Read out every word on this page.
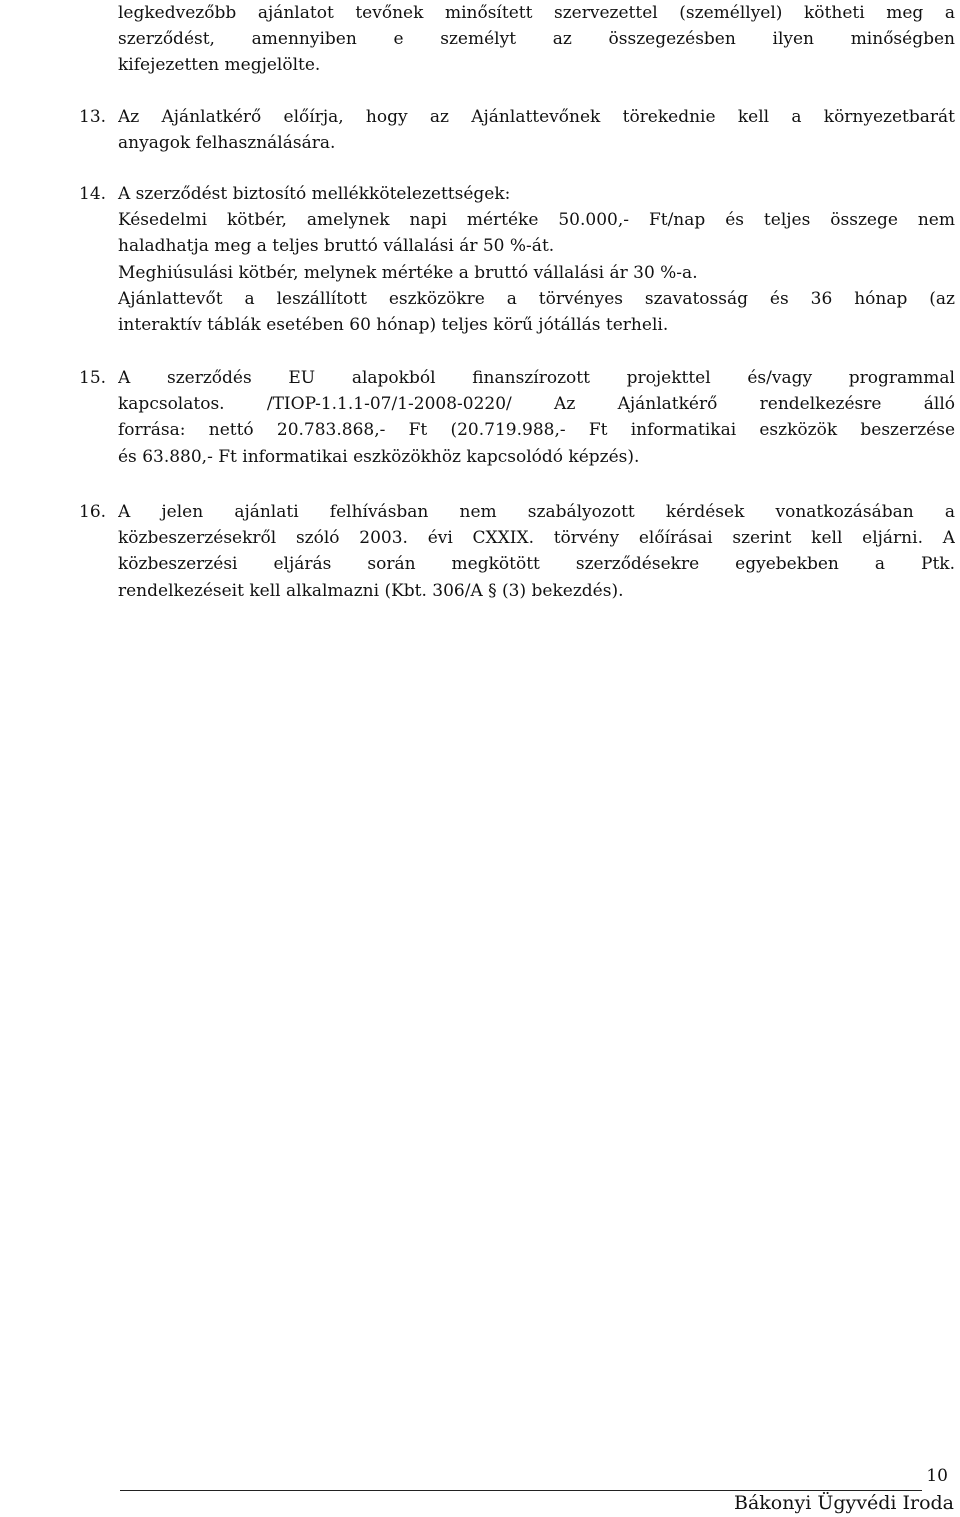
legkedvezőbb ajánlatot tevőnek minősített szervezettel (személlyel) kötheti meg a
szerződést, amennyiben e személyt az összegezésben ilyen minőségben
kifejezetten megjelölte.
13. Az Ajánlatkérő előírja, hogy az Ajánlattevőnek törekednie kell a környezetbarát
anyagok felhasználására.
14. A szerződést biztosító mellékkötelezettségek:
Késedelmi kötbér, amelynek napi mértéke 50.000,- Ft/nap és teljes összege nem
haladhatja meg a teljes bruttó vállalási ár 50 %-át.
Meghiúsulási kötbér, melynek mértéke a bruttó vállalási ár 30 %-a.
Ajánlattevőt a leszállított eszközökre a törvényes szavatosság és 36 hónap (az
interaktív táblák esetében 60 hónap) teljes körű jótállás terheli.
15. A szerződés EU alapokból finanszírozott projekttel és/vagy programmal
kapcsolatos. /TIOP-1.1.1-07/1-2008-0220/ Az Ajánlatkérő rendelkezésre álló
forrása: nettó 20.783.868,- Ft (20.719.988,- Ft informatikai eszközök beszerzése
és 63.880,- Ft informatikai eszközökhöz kapcsolódó képzés).
16. A jelen ajánlati felhívásban nem szabályozott kérdések vonatkozásában a
közbeszerzésekről szóló 2003. évi CXXIX. törvény előírásai szerint kell eljárni. A
közbeszerzési eljárás során megkötött szerződésekre egyebekben a Ptk.
rendelkezéseit kell alkalmazni (Kbt. 306/A § (3) bekezdés).
10
Bákonyi Ügyvédi Iroda
